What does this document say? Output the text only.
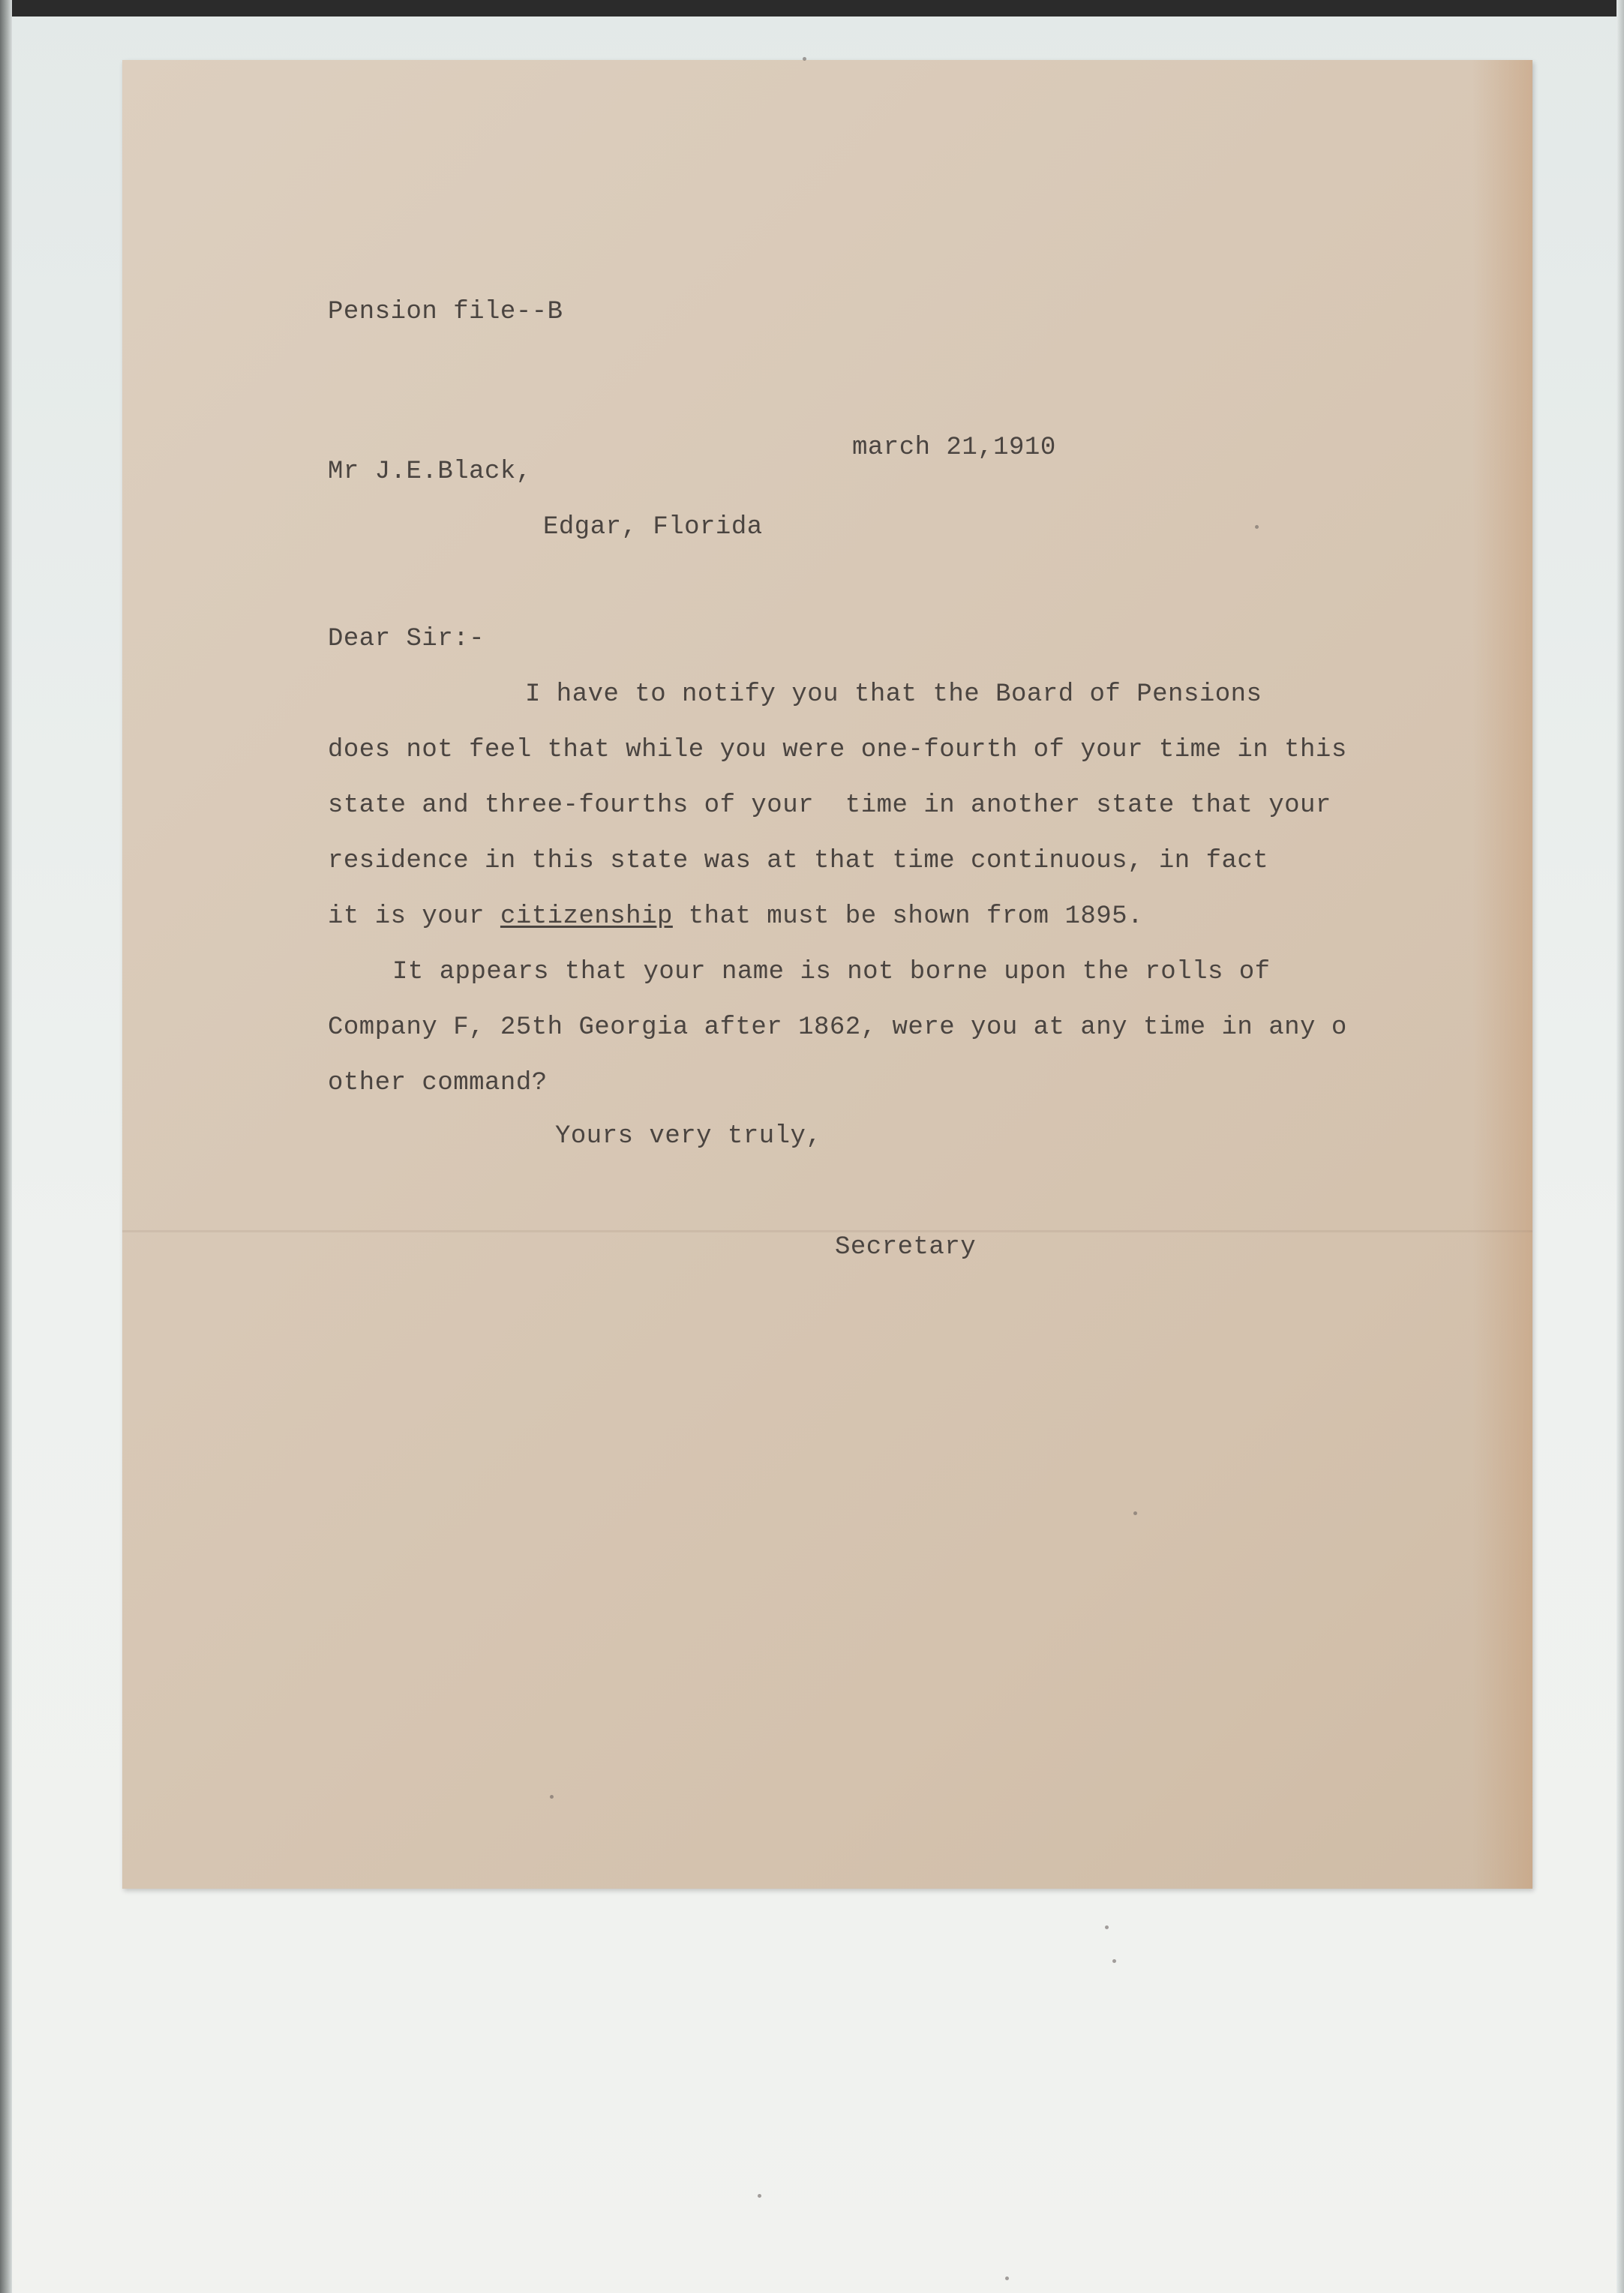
Pension file--B
march 21,1910
Mr J.E.Black,
Edgar, Florida
Dear Sir:-
I have to notify you that the Board of Pensions
does not feel that while you were one-fourth of your time in this
state and three-fourths of your  time in another state that your
residence in this state was at that time continuous, in fact
it is your citizenship that must be shown from 1895.
It appears that your name is not borne upon the rolls of
Company F, 25th Georgia after 1862, were you at any time in any o
other command?
Yours very truly,
Secretary
